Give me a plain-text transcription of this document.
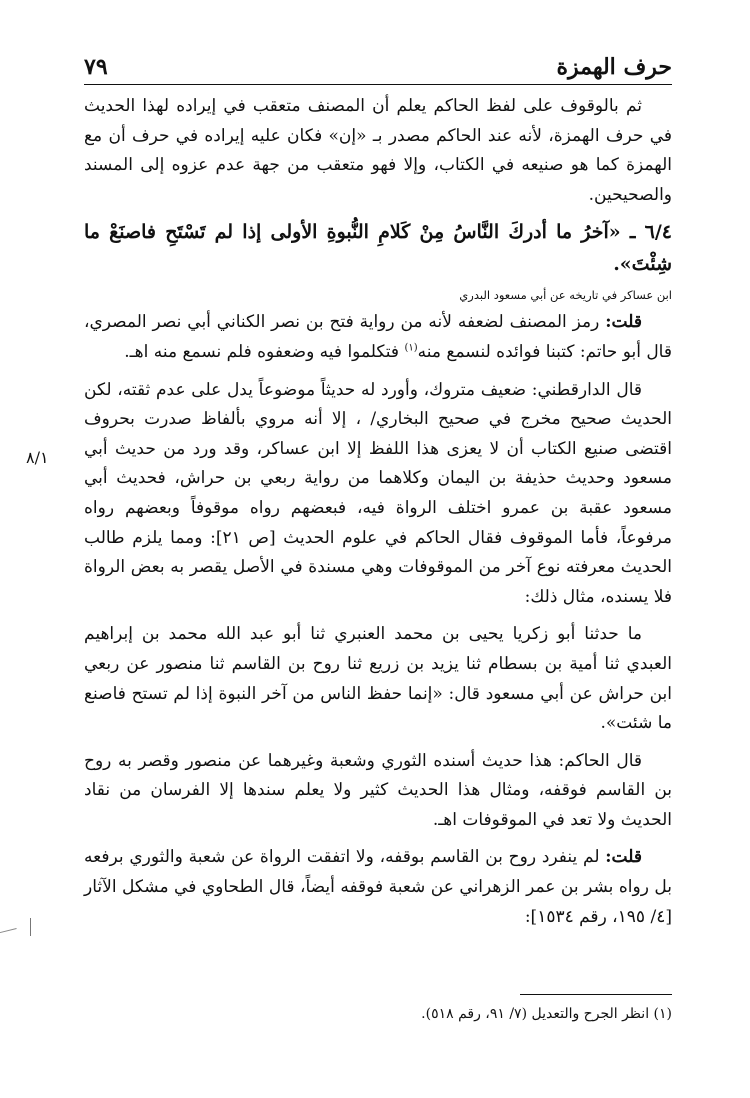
حرف الهمزة
٧٩

ثم بالوقوف على لفظ الحاكم يعلم أن المصنف متعقب في إيراده لهذا الحديث في حرف الهمزة، لأنه عند الحاكم مصدر بـ «إن» فكان عليه إيراده في حرف أن مع الهمزة كما هو صنيعه في الكتاب، وإلا فهو متعقب من جهة عدم عزوه إلى المسند والصحيحين.

٦/٤ ـ «آخرُ ما أدركَ النَّاسُ مِنْ كَلامِ النُّبوةِ الأولى إذا لم تَسْتَحِ فاصنَعْ ما شِئْتَ».

ابن عساكر في تاريخه عن أبي مسعود البدري

قلت: رمز المصنف لضعفه لأنه من رواية فتح بن نصر الكناني أبي نصر المصري، قال أبو حاتم: كتبنا فوائده لنسمع منه$^{(١)}$ فتكلموا فيه وضعفوه فلم نسمع منه اهـ.

قال الدارقطني: ضعيف متروك، وأورد له حديثاً موضوعاً يدل على عدم ثقته، لكن الحديث صحيح مخرج في صحيح البخاري/ ، إلا أنه مروي بألفاظ صدرت بحروف اقتضى صنيع الكتاب أن لا يعزى هذا اللفظ إلا ابن عساكر، وقد ورد من حديث أبي مسعود وحديث حذيفة بن اليمان وكلاهما من رواية ربعي بن حراش، فحديث أبي مسعود عقبة بن عمرو اختلف الرواة فيه، فبعضهم رواه موقوفاً وبعضهم رواه مرفوعاً، فأما الموقوف فقال الحاكم في علوم الحديث [ص ٢١]: ومما يلزم طالب الحديث معرفته نوع آخر من الموقوفات وهي مسندة في الأصل يقصر به بعض الرواة فلا يسنده، مثال ذلك:

ما حدثنا أبو زكريا يحيى بن محمد العنبري ثنا أبو عبد الله محمد بن إبراهيم العبدي ثنا أمية بن بسطام ثنا يزيد بن زريع ثنا روح بن القاسم ثنا منصور عن ربعي ابن حراش عن أبي مسعود قال: «إنما حفظ الناس من آخر النبوة إذا لم تستح فاصنع ما شئت».

قال الحاكم: هذا حديث أسنده الثوري وشعبة وغيرهما عن منصور وقصر به روح بن القاسم فوقفه، ومثال هذا الحديث كثير ولا يعلم سندها إلا الفرسان من نقاد الحديث ولا تعد في الموقوفات اهـ.

قلت: لم ينفرد روح بن القاسم بوقفه، ولا اتفقت الرواة عن شعبة والثوري برفعه بل رواه بشر بن عمر الزهراني عن شعبة فوقفه أيضاً، قال الطحاوي في مشكل الآثار [٤/ ١٩٥، رقم ١٥٣٤]:

٨/١
(١) انظر الجرح والتعديل (٧/ ٩١، رقم ٥١٨).
